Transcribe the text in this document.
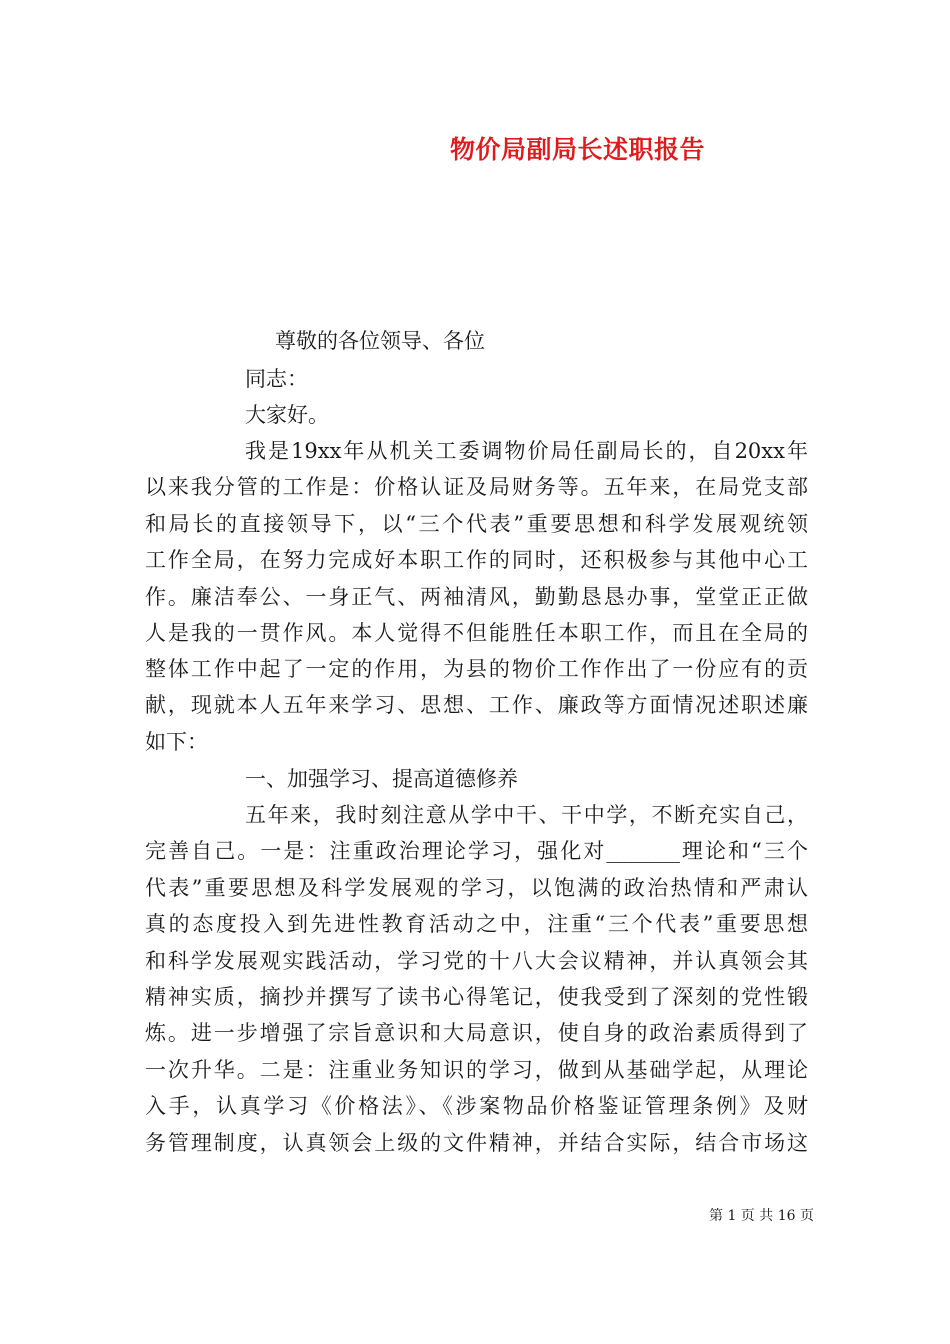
物价局副局长述职报告
尊敬的各位领导、各位
同志：
大家好。
我是19xx年从机关工委调物价局任副局长的，自20xx年
以来我分管的工作是：价格认证及局财务等。五年来，在局党支部
和局长的直接领导下，以“三个代表”重要思想和科学发展观统领
工作全局，在努力完成好本职工作的同时，还积极参与其他中心工
作。廉洁奉公、一身正气、两袖清风，勤勤恳恳办事，堂堂正正做
人是我的一贯作风。本人觉得不但能胜任本职工作，而且在全局的
整体工作中起了一定的作用，为县的物价工作作出了一份应有的贡
献，现就本人五年来学习、思想、工作、廉政等方面情况述职述廉
如下：
一、加强学习、提高道德修养
五年来，我时刻注意从学中干、干中学，不断充实自己，
完善自己。一是：注重政治理论学习，强化对_______理论和“三个
代表”重要思想及科学发展观的学习，以饱满的政治热情和严肃认
真的态度投入到先进性教育活动之中，注重“三个代表”重要思想
和科学发展观实践活动，学习党的十八大会议精神，并认真领会其
精神实质，摘抄并撰写了读书心得笔记，使我受到了深刻的党性锻
炼。进一步增强了宗旨意识和大局意识，使自身的政治素质得到了
一次升华。二是：注重业务知识的学习，做到从基础学起，从理论
入手，认真学习《价格法》、《涉案物品价格鉴证管理条例》及财
务管理制度，认真领会上级的文件精神，并结合实际，结合市场这
第 1 页 共 16 页
